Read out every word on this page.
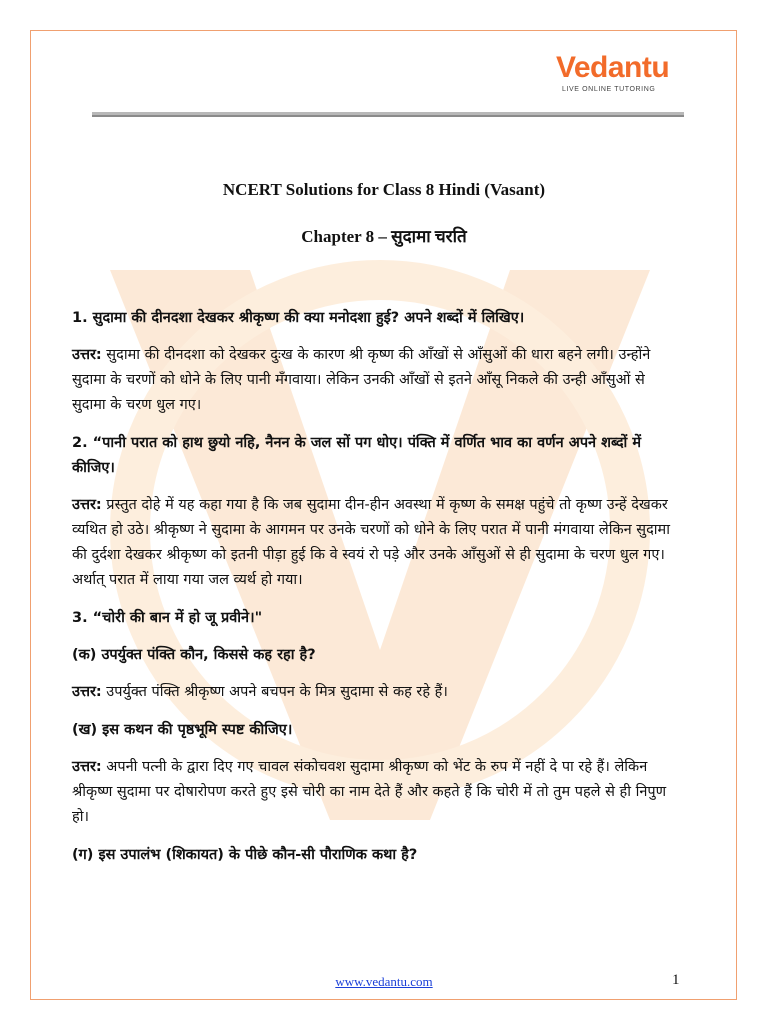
Vedantu
LIVE ONLINE TUTORING
NCERT Solutions for Class 8 Hindi (Vasant)
Chapter 8 – सुदामा चरति

1. सुदामा की दीनदशा देखकर श्रीकृष्ण की क्या मनोदशा हुई? अपने शब्दों में लिखिए।

उत्तर: सुदामा की दीनदशा को देखकर दुःख के कारण श्री कृष्ण की आँखों से आँसुओं की धारा बहने लगी। उन्होंने सुदामा के चरणों को धोने के लिए पानी मँगवाया। लेकिन उनकी आँखों से इतने आँसू निकले की उन्ही आँसुओं से सुदामा के चरण धुल गए।

2. “पानी परात को हाथ छुयो नहि, नैनन के जल सों पग धोए। पंक्ति में वर्णित भाव का वर्णन अपने शब्दों में कीजिए।

उत्तर: प्रस्तुत दोहे में यह कहा गया है कि जब सुदामा दीन-हीन अवस्था में कृष्ण के समक्ष पहुंचे तो कृष्ण उन्हें देखकर व्यथित हो उठे। श्रीकृष्ण ने सुदामा के आगमन पर उनके चरणों को धोने के लिए परात में पानी मंगवाया लेकिन सुदामा की दुर्दशा देखकर श्रीकृष्ण को इतनी पीड़ा हुई कि वे स्वयं रो पड़े और उनके आँसुओं से ही सुदामा के चरण धुल गए। अर्थात् परात में लाया गया जल व्यर्थ हो गया।

3. “चोरी की बान में हो जू प्रवीने।"

(क) उपर्युक्त पंक्ति कौन, किससे कह रहा है?

उत्तर: उपर्युक्त पंक्ति श्रीकृष्ण अपने बचपन के मित्र सुदामा से कह रहे हैं।

(ख) इस कथन की पृष्ठभूमि स्पष्ट कीजिए।

उत्तर: अपनी पत्नी के द्वारा दिए गए चावल संकोचवश सुदामा श्रीकृष्ण को भेंट के रुप में नहीं दे पा रहे हैं। लेकिन श्रीकृष्ण सुदामा पर दोषारोपण करते हुए इसे चोरी का नाम देते हैं और कहते हैं कि चोरी में तो तुम पहले से ही निपुण हो।

(ग) इस उपालंभ (शिकायत) के पीछे कौन-सी पौराणिक कथा है?

www.vedantu.com	1
